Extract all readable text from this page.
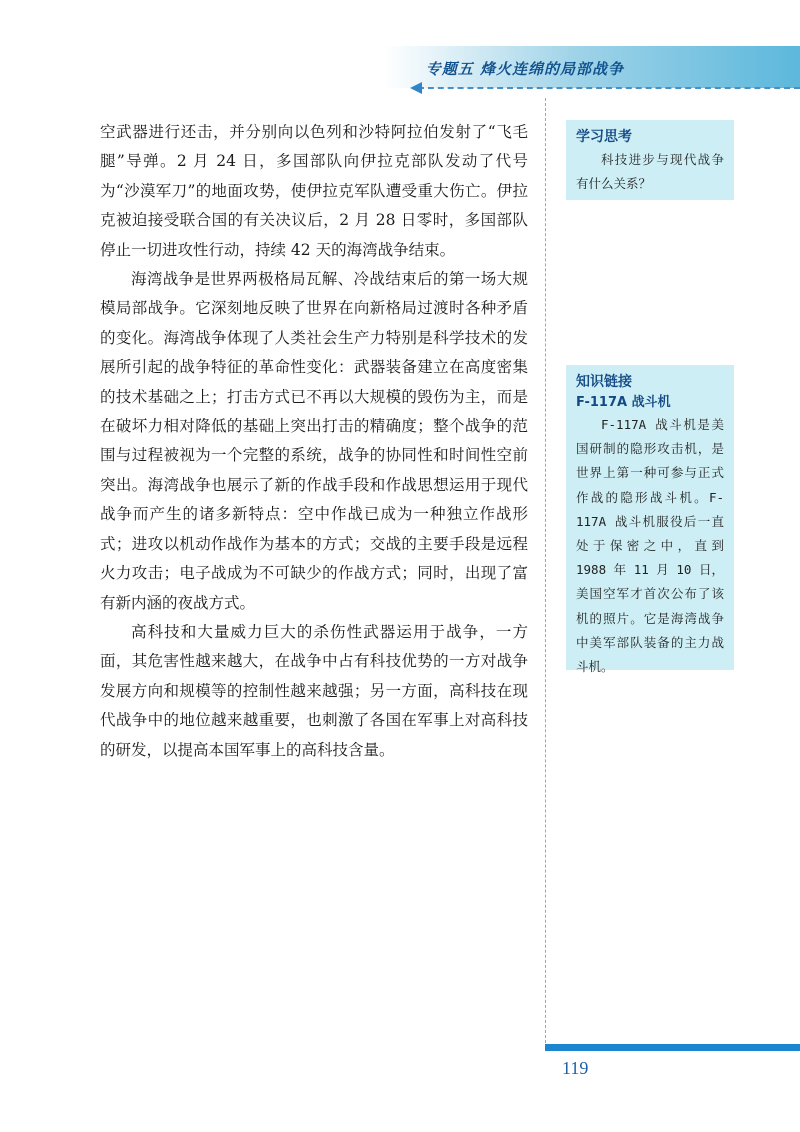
专题五 烽火连绵的局部战争

空武器进行还击，并分别向以色列和沙特阿拉伯发射了“飞毛腿”导弹。2 月 24 日，多国部队向伊拉克部队发动了代号为“沙漠军刀”的地面攻势，使伊拉克军队遭受重大伤亡。伊拉克被迫接受联合国的有关决议后，2 月 28 日零时，多国部队停止一切进攻性行动，持续 42 天的海湾战争结束。

海湾战争是世界两极格局瓦解、冷战结束后的第一场大规模局部战争。它深刻地反映了世界在向新格局过渡时各种矛盾的变化。海湾战争体现了人类社会生产力特别是科学技术的发展所引起的战争特征的革命性变化：武器装备建立在高度密集的技术基础之上；打击方式已不再以大规模的毁伤为主，而是在破坏力相对降低的基础上突出打击的精确度；整个战争的范围与过程被视为一个完整的系统，战争的协同性和时间性空前突出。海湾战争也展示了新的作战手段和作战思想运用于现代战争而产生的诸多新特点：空中作战已成为一种独立作战形式；进攻以机动作战作为基本的方式；交战的主要手段是远程火力攻击；电子战成为不可缺少的作战方式；同时，出现了富有新内涵的夜战方式。

高科技和大量威力巨大的杀伤性武器运用于战争，一方面，其危害性越来越大，在战争中占有科技优势的一方对战争发展方向和规模等的控制性越来越强；另一方面，高科技在现代战争中的地位越来越重要，也刺激了各国在军事上对高科技的研发，以提高本国军事上的高科技含量。

学习思考
科技进步与现代战争有什么关系？
知识链接
F-117A 战斗机
F-117A 战斗机是美国研制的隐形攻击机，是世界上第一种可参与正式作战的隐形战斗机。F-117A 战斗机服役后一直处于保密之中，直到 1988 年 11 月 10 日，美国空军才首次公布了该机的照片。它是海湾战争中美军部队装备的主力战斗机。
119
